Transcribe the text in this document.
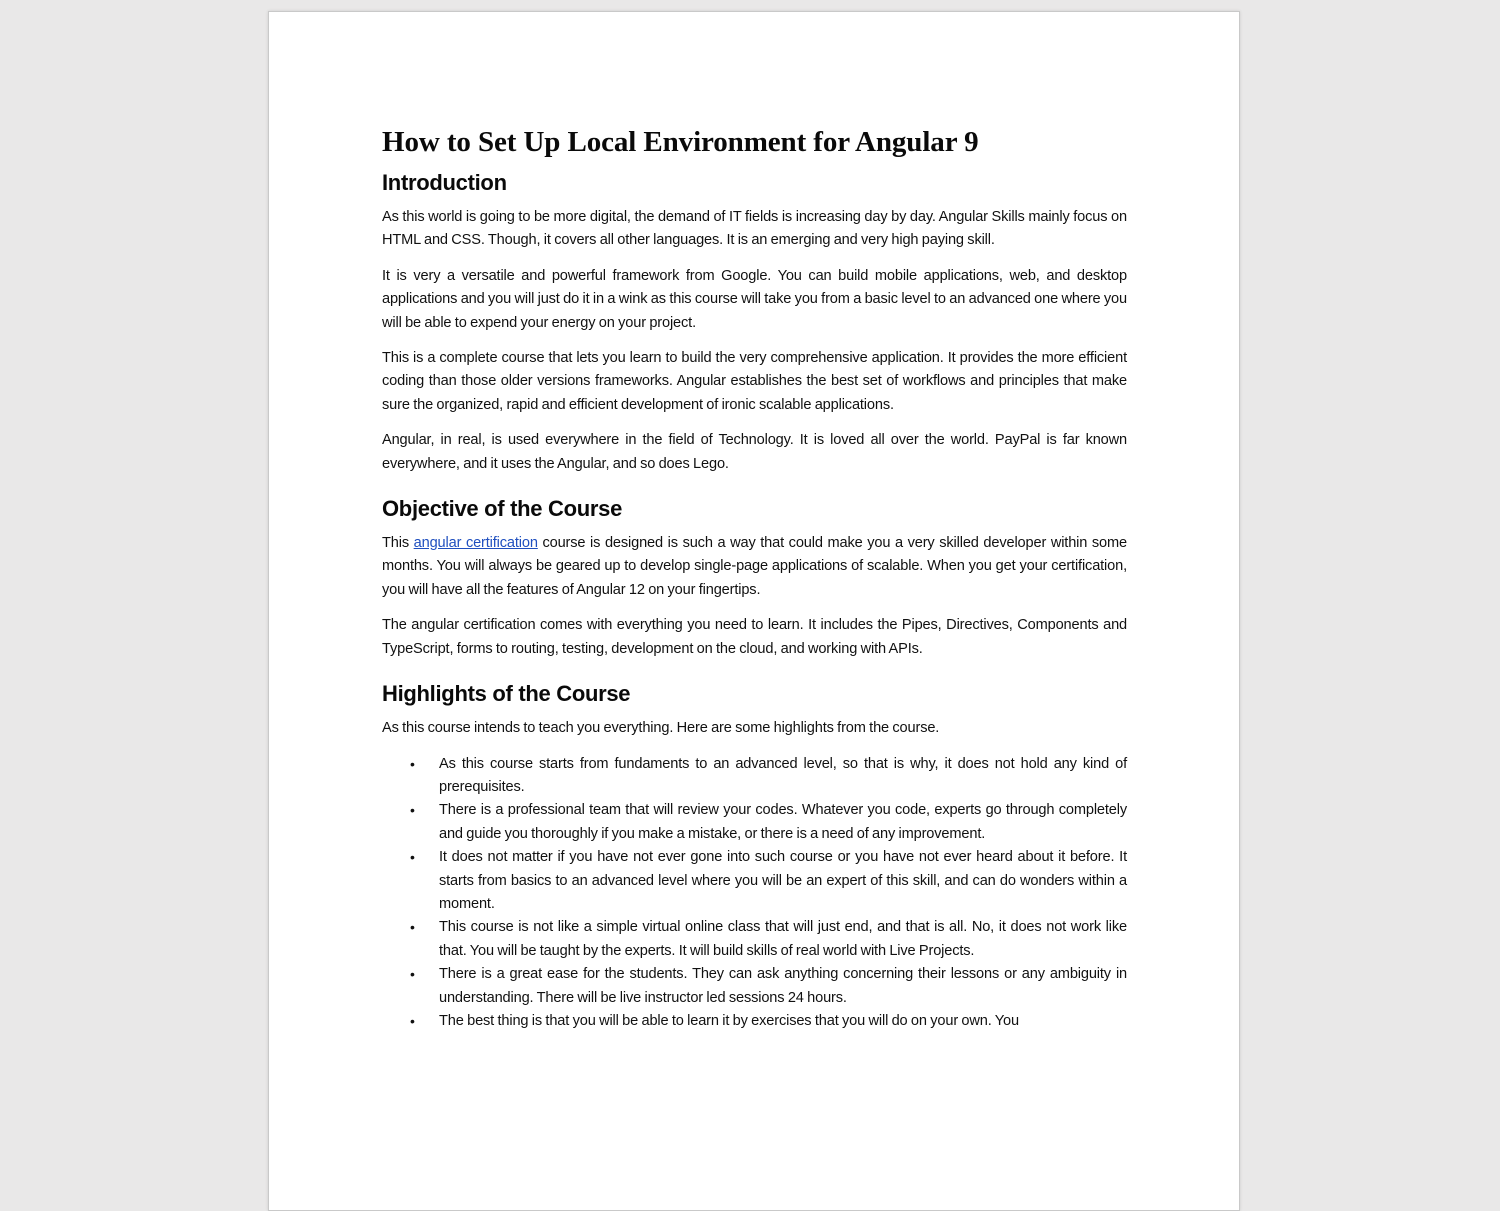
How to Set Up Local Environment for Angular 9
Introduction

As this world is going to be more digital, the demand of IT fields is increasing day by day. Angular Skills mainly focus on HTML and CSS. Though, it covers all other languages. It is an emerging and very high paying skill.

It is very a versatile and powerful framework from Google. You can build mobile applications, web, and desktop applications and you will just do it in a wink as this course will take you from a basic level to an advanced one where you will be able to expend your energy on your project.

This is a complete course that lets you learn to build the very comprehensive application. It provides the more efficient coding than those older versions frameworks. Angular establishes the best set of workflows and principles that make sure the organized, rapid and efficient development of ironic scalable applications.

Angular, in real, is used everywhere in the field of Technology. It is loved all over the world. PayPal is far known everywhere, and it uses the Angular, and so does Lego.

Objective of the Course

This angular certification course is designed is such a way that could make you a very skilled developer within some months. You will always be geared up to develop single-page applications of scalable. When you get your certification, you will have all the features of Angular 12 on your fingertips.

The angular certification comes with everything you need to learn. It includes the Pipes, Directives, Components and TypeScript, forms to routing, testing, development on the cloud, and working with APIs.

Highlights of the Course

As this course intends to teach you everything. Here are some highlights from the course.

• As this course starts from fundaments to an advanced level, so that is why, it does not hold any kind of prerequisites.
• There is a professional team that will review your codes. Whatever you code, experts go through completely and guide you thoroughly if you make a mistake, or there is a need of any improvement.
• It does not matter if you have not ever gone into such course or you have not ever heard about it before. It starts from basics to an advanced level where you will be an expert of this skill, and can do wonders within a moment.
• This course is not like a simple virtual online class that will just end, and that is all. No, it does not work like that. You will be taught by the experts. It will build skills of real world with Live Projects.
• There is a great ease for the students. They can ask anything concerning their lessons or any ambiguity in understanding. There will be live instructor led sessions 24 hours.
• The best thing is that you will be able to learn it by exercises that you will do on your own. You
